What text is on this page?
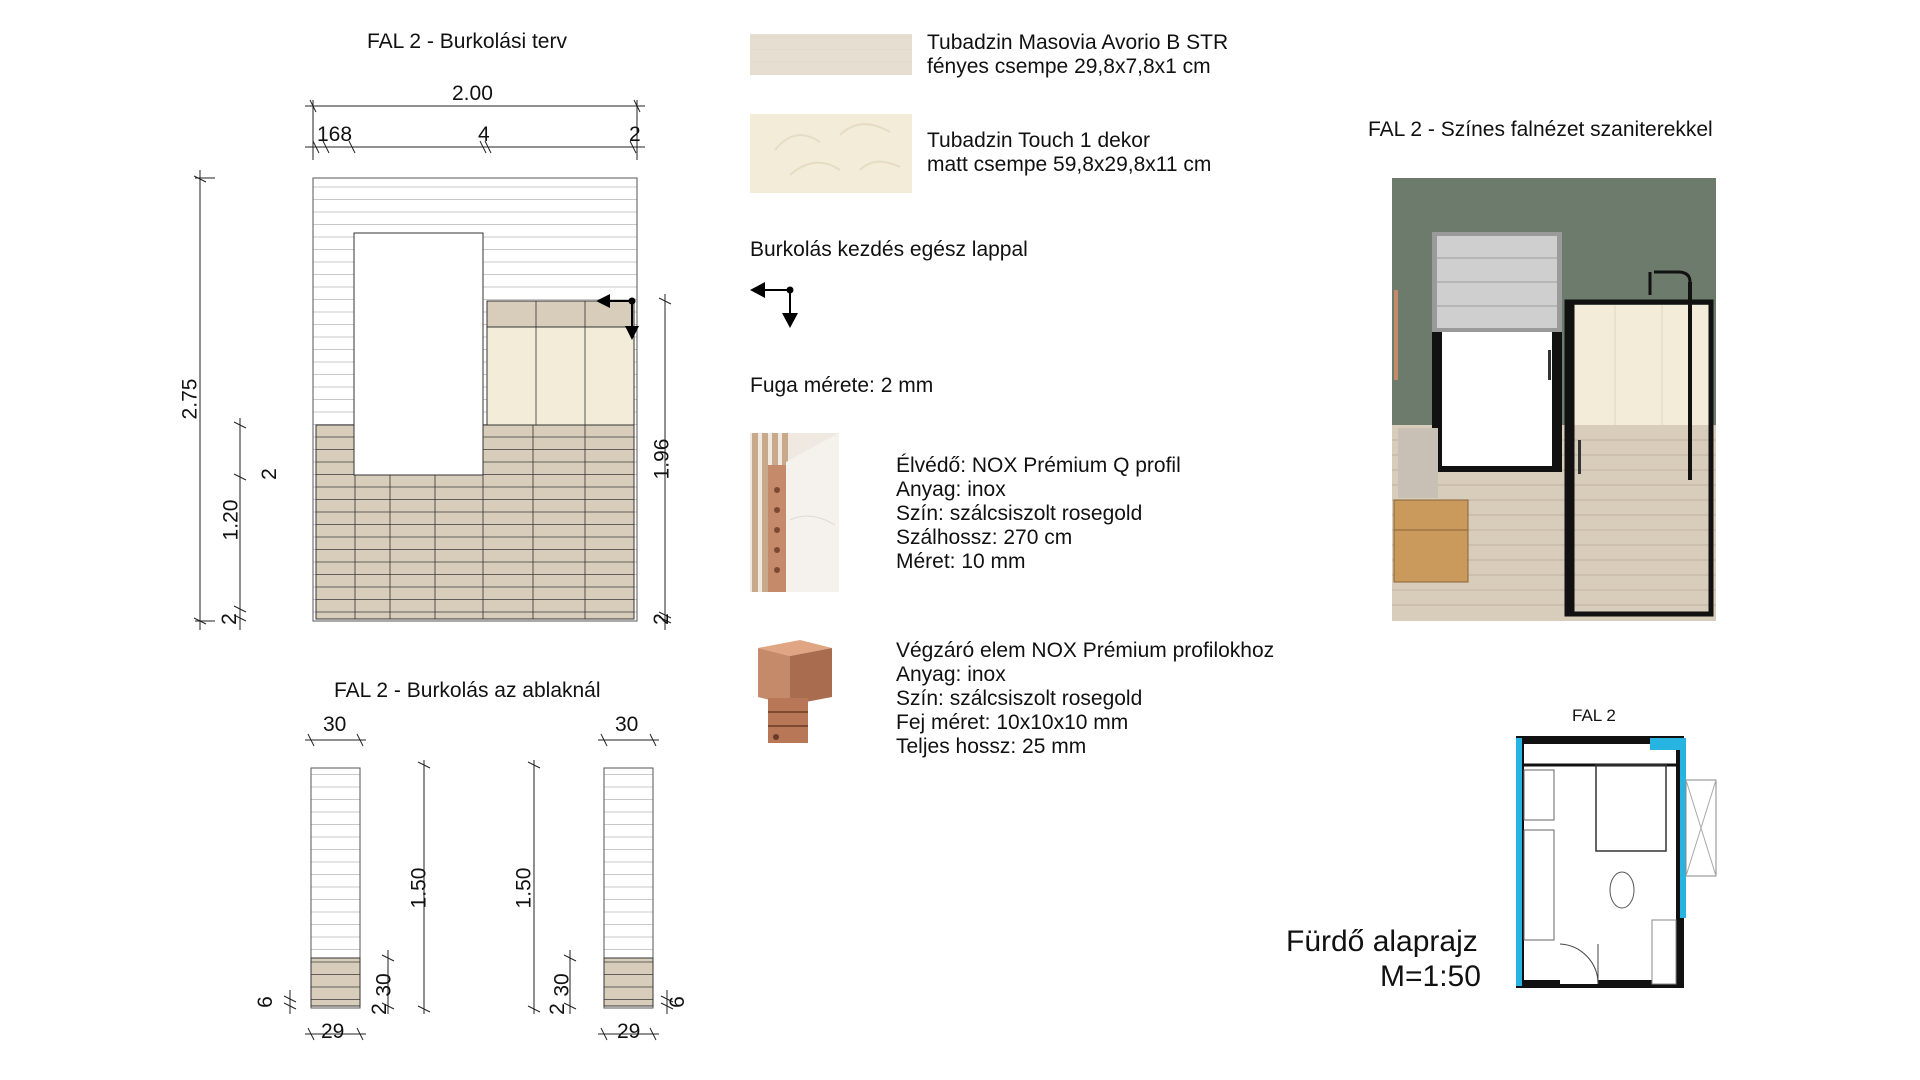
FAL 2 - Burkolási terv
2.00
168	4	2
2.75
1.20
2
2
1.96
2
FAL 2 - Burkolás az ablaknál
30
29
1.50
30
2
6
30
29
1.50
30
2
6
Tubadzin Masovia Avorio B STR
fényes csempe 29,8x7,8x1 cm
Tubadzin Touch 1 dekor
matt csempe 59,8x29,8x11 cm
Burkolás kezdés egész lappal
Fuga mérete: 2 mm
Élvédő: NOX Prémium Q profil
Anyag: inox
Szín: szálcsiszolt rosegold
Szálhossz: 270 cm
Méret: 10 mm
Végzáró elem NOX Prémium profilokhoz
Anyag: inox
Szín: szálcsiszolt rosegold
Fej méret: 10x10x10 mm
Teljes hossz: 25 mm
FAL 2 - Színes falnézet szaniterekkel
FAL 2
Fürdő alaprajz
M=1:50
